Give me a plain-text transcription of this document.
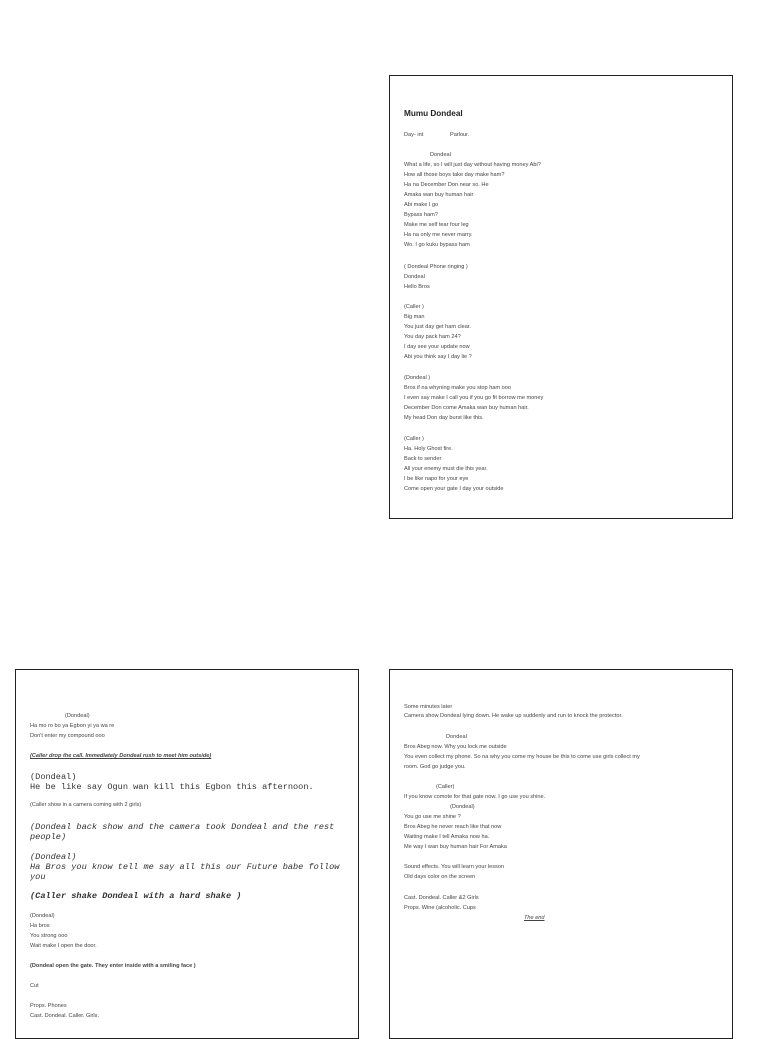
Mumu Dondeal
Day- int	Parlour.
Dondeal
What a life, so I will just day without having money Abi?
How all those boys take day make ham?
Ha na December Don near so. He
Amaka wan buy human hair
Abi make I go
Bypass ham?
Make me self tear four leg
Ha na only me never marry.
Wo. I go kuku bypass ham
( Dondeal Phone ringing )
Dondeal
Hello Bros
(Caller )
Big man
You just day get ham clear.
You day pack ham 24?
I day see your update now
Abi you think say I day lie ?
(Dondeal )
Bros if na whyning make you stop ham ooo
I even say make I call you if you go fit borrow me money
December Don come Amaka wan buy human hair.
My head Don day burst like this.
(Caller )
Ha. Holy Ghost fire.
Back to sender
All your enemy must die this year.
I be like napo for your eye
Come open your gate I day your outside
(Dondeal)
Ha mo ro bo ya Egbon yi ya wa re
Don't enter my compound ooo
(Caller drop the call. Immediately Dondeal rush to meet him outside)
(Dondeal)
He be like say Ogun wan kill this Egbon this afternoon.
(Caller show in a camera coming with 2 girls)
(Dondeal back show and the camera took Dondeal and the rest
people)
(Dondeal)
Ha Bros you know tell me say all this our Future babe follow
you
(Caller shake Dondeal with a hard shake )
(Dondeal)
Ha bros
You strong ooo
Wait make I open the door.
(Dondeal open the gate. They enter inside with a smiling face )
Cut
Props. Phones
Cast. Dondeal. Caller. Girls.
Some minutes later
Camera show Dondeal lying down. He wake up suddenly and run to knock the protector.
Dondeal
Bros Abeg now. Why you lock me outside
You even collect my phone. So na why you come my house be this to come use girls collect my
room. God go judge you.
(Caller)
If you know comote for that gate now. I go use you shine.
(Dondeal)
You go use me shine ?
Bros Abeg he never reach like that now
Waiting make I tell Amaka now ha.
Me way I wan buy human hair For Amaka
Sound effects. You will learn your lesson
Old days color on the screen
Cast. Dondeal. Caller &2 Girls
Props. Wine (alcoholic. Cups
The end
